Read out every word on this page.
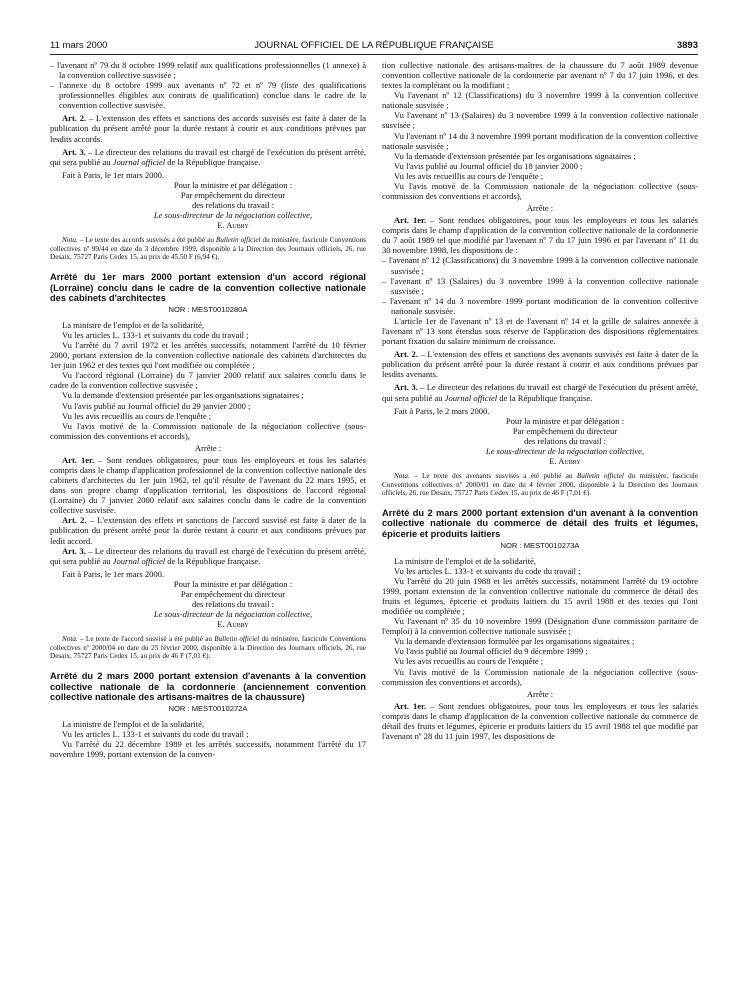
11 mars 2000	JOURNAL OFFICIEL DE LA RÉPUBLIQUE FRANÇAISE	3893

– l'avenant nº 79 du 8 octobre 1999 relatif aux qualifications professionnelles (1 annexe) à la convention collective susvisée ;

– l'annexe du 8 octobre 1999 aux avenants nº 72 et nº 79 (liste des qualifications professionnelles éligibles aux contrats de qualification) conclue dans le cadre de la convention collective susvisée.

Art. 2. – L'extension des effets et sanctions des accords susvisés est faite à dater de la publication du présent arrêté pour la durée restant à courir et aux conditions prévues par lesdits accords.

Art. 3. – Le directeur des relations du travail est chargé de l'exécution du présent arrêté, qui sera publié au Journal officiel de la République française.

Fait à Paris, le 1er mars 2000.

Pour la ministre et par délégation :

Par empêchement du directeur

des relations du travail :

Le sous-directeur de la négociation collective,

E. Aubry

Nota. – Le texte des accords susvisés a été publié au Bulletin officiel du ministère, fascicule Conventions collectives nº 99/44 en date du 3 décembre 1999, disponible à la Direction des Journaux officiels, 26, rue Desaix, 75727 Paris Cedex 15, au prix de 45,50 F (6,94 €).

Arrêté du 1er mars 2000 portant extension d'un accord régional (Lorraine) conclu dans le cadre de la convention collective nationale des cabinets d'architectes

NOR : MEST0010280A

La ministre de l'emploi et de la solidarité,

Vu les articles L. 133-1 et suivants du code du travail ;

Vu l'arrêté du 7 avril 1972 et les arrêtés successifs, notamment l'arrêté du 10 février 2000, portant extension de la convention collective nationale des cabinets d'architectes du 1er juin 1962 et des textes qui l'ont modifiée ou complétée ;

Vu l'accord régional (Lorraine) du 7 janvier 2000 relatif aux salaires conclu dans le cadre de la convention collective susvisée ;

Vu la demande d'extension présentée par les organisations signataires ;

Vu l'avis publié au Journal officiel du 29 janvier 2000 ;

Vu les avis recueillis au cours de l'enquête ;

Vu l'avis motivé de la Commission nationale de la négociation collective (sous-commission des conventions et accords),

Arrête :

Art. 1er. – Sont rendues obligatoires, pour tous les employeurs et tous les salariés compris dans le champ d'application professionnel de la convention collective nationale des cabinets d'architectes du 1er juin 1962, tel qu'il résulte de l'avenant du 22 mars 1995, et dans son propre champ d'application territorial, les dispositions de l'accord régional (Lorraine) du 7 janvier 2000 relatif aux salaires conclu dans le cadre de la convention collective susvisée.

Art. 2. – L'extension des effets et sanctions de l'accord susvisé est faite à dater de la publication du présent arrêté pour la durée restant à courir et aux conditions prévues par ledit accord.

Art. 3. – Le directeur des relations du travail est chargé de l'exécution du présent arrêté, qui sera publié au Journal officiel de la République française.

Fait à Paris, le 1er mars 2000.

Pour la ministre et par délégation :

Par empêchement du directeur

des relations du travail :

Le sous-directeur de la négociation collective,

E. Aubry

Nota. – Le texte de l'accord susvisé a été publié au Bulletin officiel du ministère, fascicule Conventions collectives nº 2000/04 en date du 25 février 2000, disponible à la Direction des Journaux officiels, 26, rue Desaix, 75727 Paris Cedex 15, au prix de 46 F (7,01 €).

Arrêté du 2 mars 2000 portant extension d'avenants à la convention collective nationale de la cordonnerie (anciennement convention collective nationale des artisans-maîtres de la chaussure)

NOR : MEST0010272A

La ministre de l'emploi et de la solidarité,

Vu les articles L. 133-1 et suivants du code du travail ;

Vu l'arrêté du 22 décembre 1989 et les arrêtés successifs, notamment l'arrêté du 17 novembre 1999, portant extension de la conven-

tion collective nationale des artisans-maîtres de la chaussure du 7 août 1989 devenue convention collective nationale de la cordonnerie par avenant nº 7 du 17 juin 1996, et des textes la complétant ou la modifiant ;

Vu l'avenant nº 12 (Classifications) du 3 novembre 1999 à la convention collective nationale susvisée ;

Vu l'avenant nº 13 (Salaires) du 3 novembre 1999 à la convention collective nationale susvisée ;

Vu l'avenant nº 14 du 3 novembre 1999 portant modification de la convention collective nationale susvisée ;

Vu la demande d'extension présentée par les organisations signataires ;

Vu l'avis publié au Journal officiel du 18 janvier 2000 ;

Vu les avis recueillis au cours de l'enquête ;

Vu l'avis motivé de la Commission nationale de la négociation collective (sous-commission des conventions et accords),

Arrête :

Art. 1er. – Sont rendues obligatoires, pour tous les employeurs et tous les salariés compris dans le champ d'application de la convention collective nationale de la cordonnerie du 7 août 1989 tel que modifié par l'avenant nº 7 du 17 juin 1996 et par l'avenant nº 11 du 30 novembre 1998, les dispositions de :

– l'avenant nº 12 (Classifications) du 3 novembre 1999 à la convention collective nationale susvisée ;

– l'avenant nº 13 (Salaires) du 3 novembre 1999 à la convention collective nationale susvisée ;

– l'avenant nº 14 du 3 novembre 1999 portant modification de la convention collective nationale susvisée.

L'article 1er de l'avenant nº 13 et de l'avenant nº 14 et la grille de salaires annexée à l'avenant nº 13 sont étendus sous réserve de l'application des dispositions réglementaires portant fixation du salaire minimum de croissance.

Art. 2. – L'extension des effets et sanctions des avenants susvisés est faite à dater de la publication du présent arrêté pour la durée restant à courir et aux conditions prévues par lesdits avenants.

Art. 3. – Le directeur des relations du travail est chargé de l'exécution du présent arrêté, qui sera publié au Journal officiel de la République française.

Fait à Paris, le 2 mars 2000.

Pour la ministre et par délégation :

Par empêchement du directeur

des relations du travail :

Le sous-directeur de la négociation collective,

E. Aubry

Nota. – Le texte des avenants susvisés a été publié au Bulletin officiel du ministère, fascicule Conventions collectives nº 2000/01 en date du 4 février 2000, disponible à la Direction des Journaux officiels, 26, rue Desaix, 75727 Paris Cedex 15, au prix de 46 F (7,01 €).

Arrêté du 2 mars 2000 portant extension d'un avenant à la convention collective nationale du commerce de détail des fruits et légumes, épicerie et produits laitiers

NOR : MEST0010273A

La ministre de l'emploi et de la solidarité,

Vu les articles L. 133-1 et suivants du code du travail ;

Vu l'arrêté du 20 juin 1988 et les arrêtés successifs, notamment l'arrêté du 19 octobre 1999, portant extension de la convention collective nationale du commerce de détail des fruits et légumes, épicerie et produits laitiers du 15 avril 1988 et des textes qui l'ont modifiée ou complétée ;

Vu l'avenant nº 35 du 10 novembre 1999 (Désignation d'une commission paritaire de l'emploi) à la convention collective nationale susvisée ;

Vu la demande d'extension formulée par les organisations signataires ;

Vu l'avis publié au Journal officiel du 9 décembre 1999 ;

Vu les avis recueillis au cours de l'enquête ;

Vu l'avis motivé de la Commission nationale de la négociation collective (sous-commission des conventions et accords),

Arrête :

Art. 1er. – Sont rendues obligatoires, pour tous les employeurs et tous les salariés compris dans le champ d'application de la convention collective nationale du commerce de détail des fruits et légumes, épicerie et produits laitiers du 15 avril 1988 tel que modifié par l'avenant nº 28 du 11 juin 1997, les dispositions de
